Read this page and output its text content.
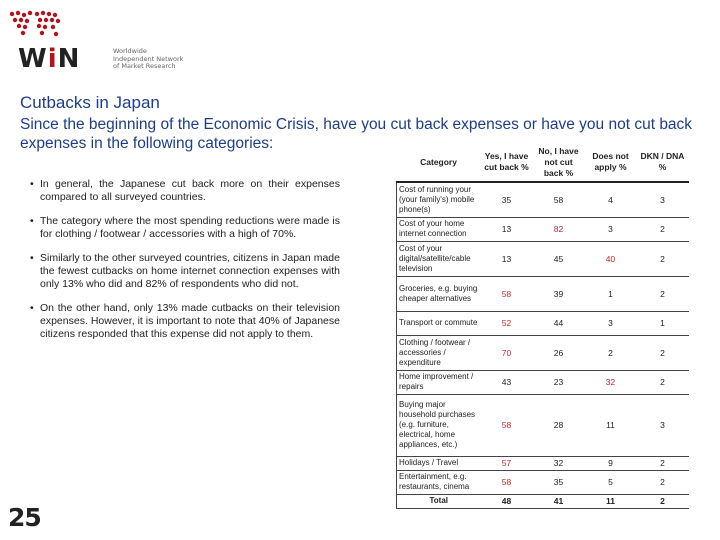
WiN	Worldwide
Independent Network
of Market Research
Cutbacks in Japan

Since the beginning of the Economic Crisis, have you cut back expenses or have you not cut back expenses in the following categories:

• In general, the Japanese cut back more on their expenses compared to all surveyed countries.
• The category where the most spending reductions were made is for clothing / footwear / accessories with a high of 70%.
• Similarly to the other surveyed countries, citizens in Japan made the fewest cutbacks on home internet connection expenses with only 13% who did and 82% of respondents who did not.
• On the other hand, only 13% made cutbacks on their television expenses. However, it is important to note that 40% of Japanese citizens responded that this expense did not apply to them.
Category	Yes, I have cut back %	No, I have not cut back %	Does not apply %	DKN / DNA %
Cost of running your (your family's) mobile phone(s)	35	58	4	3
Cost of your home internet connection	13	82	3	2
Cost of your digital/satellite/cable television	13	45	40	2
Groceries, e.g. buying cheaper alternatives	58	39	1	2
Transport or commute	52	44	3	1
Clothing / footwear / accessories / expenditure	70	26	2	2
Home improvement / repairs	43	23	32	2
Buying major household purchases (e.g. furniture, electrical, home appliances, etc.)	58	28	11	3
Holidays / Travel	57	32	9	2
Entertainment, e.g. restaurants, cinema	58	35	5	2
Total	48	41	11	2
25
